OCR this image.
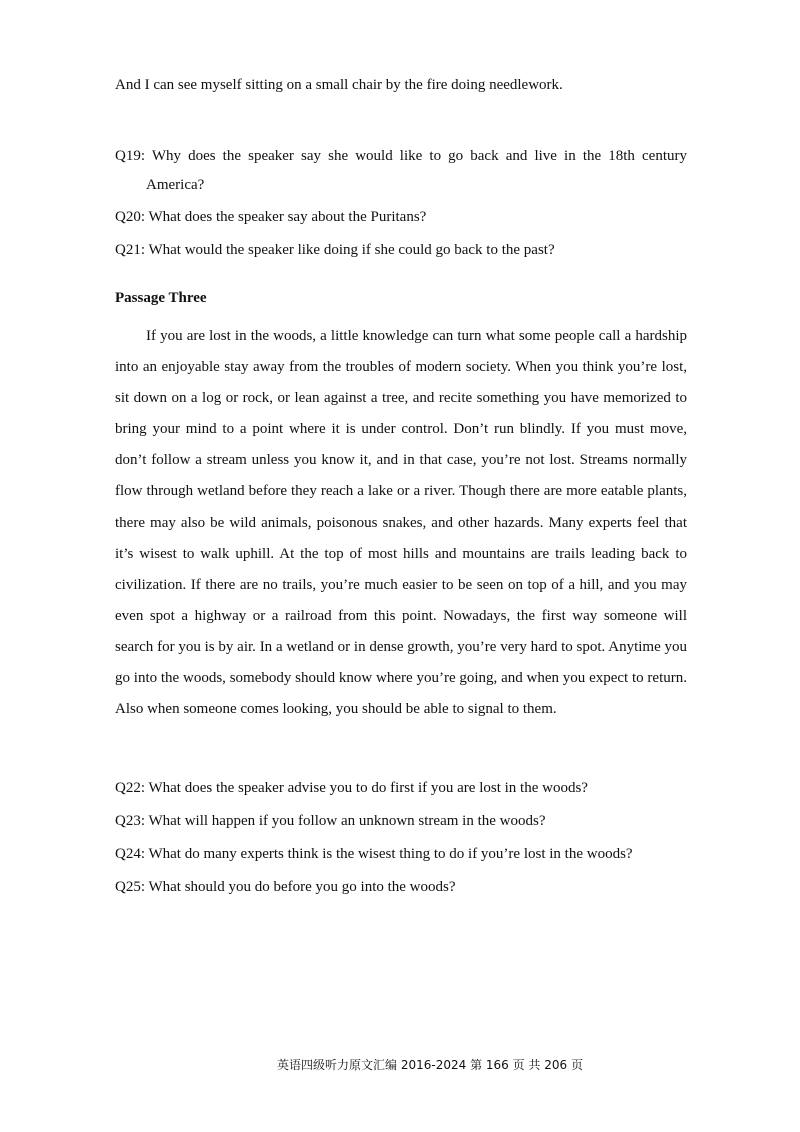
And I can see myself sitting on a small chair by the fire doing needlework.

Q19: Why does the speaker say she would like to go back and live in the 18th century

America?

Q20: What does the speaker say about the Puritans?

Q21: What would the speaker like doing if she could go back to the past?

Passage Three

If you are lost in the woods, a little knowledge can turn what some people call a hardship into an enjoyable stay away from the troubles of modern society. When you think you’re lost, sit down on a log or rock, or lean against a tree, and recite something you have memorized to bring your mind to a point where it is under control. Don’t run blindly. If you must move, don’t follow a stream unless you know it, and in that case, you’re not lost. Streams normally flow through wetland before they reach a lake or a river. Though there are more eatable plants, there may also be wild animals, poisonous snakes, and other hazards. Many experts feel that it’s wisest to walk uphill. At the top of most hills and mountains are trails leading back to civilization. If there are no trails, you’re much easier to be seen on top of a hill, and you may even spot a highway or a railroad from this point. Nowadays, the first way someone will search for you is by air. In a wetland or in dense growth, you’re very hard to spot. Anytime you go into the woods, somebody should know where you’re going, and when you expect to return. Also when someone comes looking, you should be able to signal to them.

Q22: What does the speaker advise you to do first if you are lost in the woods?

Q23: What will happen if you follow an unknown stream in the woods?

Q24: What do many experts think is the wisest thing to do if you’re lost in the woods?

Q25: What should you do before you go into the woods?

英语四级听力原文汇编 2016-2024 第 166 页 共 206 页
